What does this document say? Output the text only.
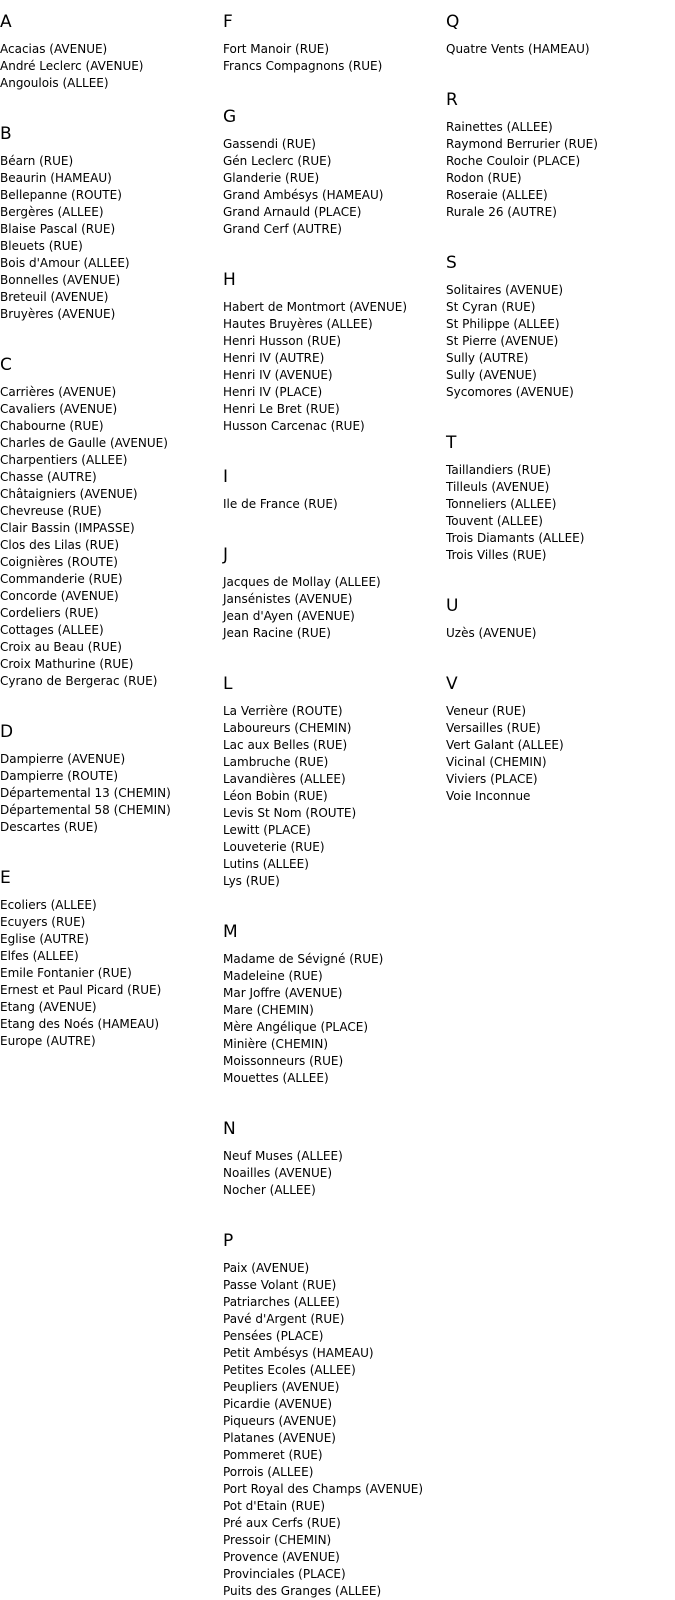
A
Acacias (AVENUE)
André Leclerc (AVENUE)
Angoulois (ALLEE)
B
Béarn (RUE)
Beaurin (HAMEAU)
Bellepanne (ROUTE)
Bergères (ALLEE)
Blaise Pascal (RUE)
Bleuets (RUE)
Bois d'Amour (ALLEE)
Bonnelles (AVENUE)
Breteuil (AVENUE)
Bruyères (AVENUE)
C
Carrières (AVENUE)
Cavaliers (AVENUE)
Chabourne (RUE)
Charles de Gaulle (AVENUE)
Charpentiers (ALLEE)
Chasse (AUTRE)
Châtaigniers (AVENUE)
Chevreuse (RUE)
Clair Bassin (IMPASSE)
Clos des Lilas (RUE)
Coignières (ROUTE)
Commanderie (RUE)
Concorde (AVENUE)
Cordeliers (RUE)
Cottages (ALLEE)
Croix au Beau (RUE)
Croix Mathurine (RUE)
Cyrano de Bergerac (RUE)
D
Dampierre (AVENUE)
Dampierre (ROUTE)
Départemental 13 (CHEMIN)
Départemental 58 (CHEMIN)
Descartes (RUE)
E
Ecoliers (ALLEE)
Ecuyers (RUE)
Eglise (AUTRE)
Elfes (ALLEE)
Emile Fontanier (RUE)
Ernest et Paul Picard (RUE)
Etang (AVENUE)
Etang des Noés (HAMEAU)
Europe (AUTRE)
F
Fort Manoir (RUE)
Francs Compagnons (RUE)
G
Gassendi (RUE)
Gén Leclerc (RUE)
Glanderie (RUE)
Grand Ambésys (HAMEAU)
Grand Arnauld (PLACE)
Grand Cerf (AUTRE)
H
Habert de Montmort (AVENUE)
Hautes Bruyères (ALLEE)
Henri Husson (RUE)
Henri IV (AUTRE)
Henri IV (AVENUE)
Henri IV (PLACE)
Henri Le Bret (RUE)
Husson Carcenac (RUE)
I
Ile de France (RUE)
J
Jacques de Mollay (ALLEE)
Jansénistes (AVENUE)
Jean d'Ayen (AVENUE)
Jean Racine (RUE)
L
La Verrière (ROUTE)
Laboureurs (CHEMIN)
Lac aux Belles (RUE)
Lambruche (RUE)
Lavandières (ALLEE)
Léon Bobin (RUE)
Levis St Nom (ROUTE)
Lewitt (PLACE)
Louveterie (RUE)
Lutins (ALLEE)
Lys (RUE)
M
Madame de Sévigné (RUE)
Madeleine (RUE)
Mar Joffre (AVENUE)
Mare (CHEMIN)
Mère Angélique (PLACE)
Minière (CHEMIN)
Moissonneurs (RUE)
Mouettes (ALLEE)
N
Neuf Muses (ALLEE)
Noailles (AVENUE)
Nocher (ALLEE)
P
Paix (AVENUE)
Passe Volant (RUE)
Patriarches (ALLEE)
Pavé d'Argent (RUE)
Pensées (PLACE)
Petit Ambésys (HAMEAU)
Petites Ecoles (ALLEE)
Peupliers (AVENUE)
Picardie (AVENUE)
Piqueurs (AVENUE)
Platanes (AVENUE)
Pommeret (RUE)
Porrois (ALLEE)
Port Royal des Champs (AVENUE)
Pot d'Etain (RUE)
Pré aux Cerfs (RUE)
Pressoir (CHEMIN)
Provence (AVENUE)
Provinciales (PLACE)
Puits des Granges (ALLEE)
Q
Quatre Vents (HAMEAU)
R
Rainettes (ALLEE)
Raymond Berrurier (RUE)
Roche Couloir (PLACE)
Rodon (RUE)
Roseraie (ALLEE)
Rurale 26 (AUTRE)
S
Solitaires (AVENUE)
St Cyran (RUE)
St Philippe (ALLEE)
St Pierre (AVENUE)
Sully (AUTRE)
Sully (AVENUE)
Sycomores (AVENUE)
T
Taillandiers (RUE)
Tilleuls (AVENUE)
Tonneliers (ALLEE)
Touvent (ALLEE)
Trois Diamants (ALLEE)
Trois Villes (RUE)
U
Uzès (AVENUE)
V
Veneur (RUE)
Versailles (RUE)
Vert Galant (ALLEE)
Vicinal (CHEMIN)
Viviers (PLACE)
Voie Inconnue
